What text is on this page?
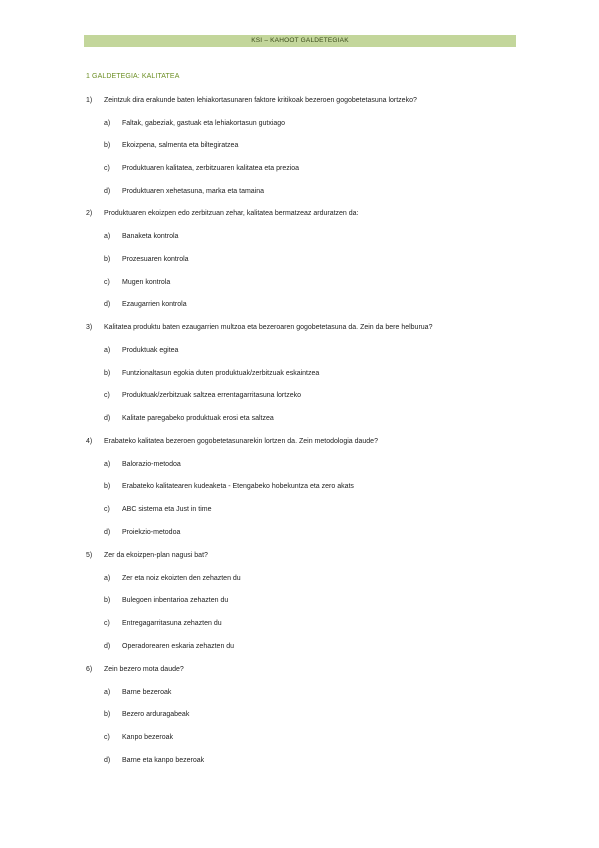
KSI – KAHOOT GALDETEGIAK
1 GALDETEGIA: KALITATEA
1) Zeintzuk dira erakunde baten lehiakortasunaren faktore kritikoak bezeroen gogobetetasuna lortzeko?
a) Faltak, gabeziak, gastuak eta lehiakortasun gutxiago
b) Ekoizpena, salmenta eta biltegiratzea
c) Produktuaren kalitatea, zerbitzuaren kalitatea eta prezioa
d) Produktuaren xehetasuna, marka eta tamaina
2) Produktuaren ekoizpen edo zerbitzuan zehar, kalitatea bermatzeaz arduratzen da:
a) Banaketa kontrola
b) Prozesuaren kontrola
c) Mugen kontrola
d) Ezaugarrien kontrola
3) Kalitatea produktu baten ezaugarrien multzoa eta bezeroaren gogobetetasuna da. Zein da bere helburua?
a) Produktuak egitea
b) Funtzionaltasun egokia duten produktuak/zerbitzuak eskaintzea
c) Produktuak/zerbitzuak saltzea errentagarritasuna lortzeko
d) Kalitate paregabeko produktuak erosi eta saltzea
4) Erabateko kalitatea bezeroen gogobetetasunarekin lortzen da. Zein metodologia daude?
a) Balorazio-metodoa
b) Erabateko kalitatearen kudeaketa - Etengabeko hobekuntza eta zero akats
c) ABC sistema eta Just in time
d) Proiekzio-metodoa
5) Zer da ekoizpen-plan nagusi bat?
a) Zer eta noiz ekoizten den zehazten du
b) Bulegoen inbentarioa zehazten du
c) Entregagarritasuna zehazten du
d) Operadorearen eskaria zehazten du
6) Zein bezero mota daude?
a) Barne bezeroak
b) Bezero arduragabeak
c) Kanpo bezeroak
d) Barne eta kanpo bezeroak
